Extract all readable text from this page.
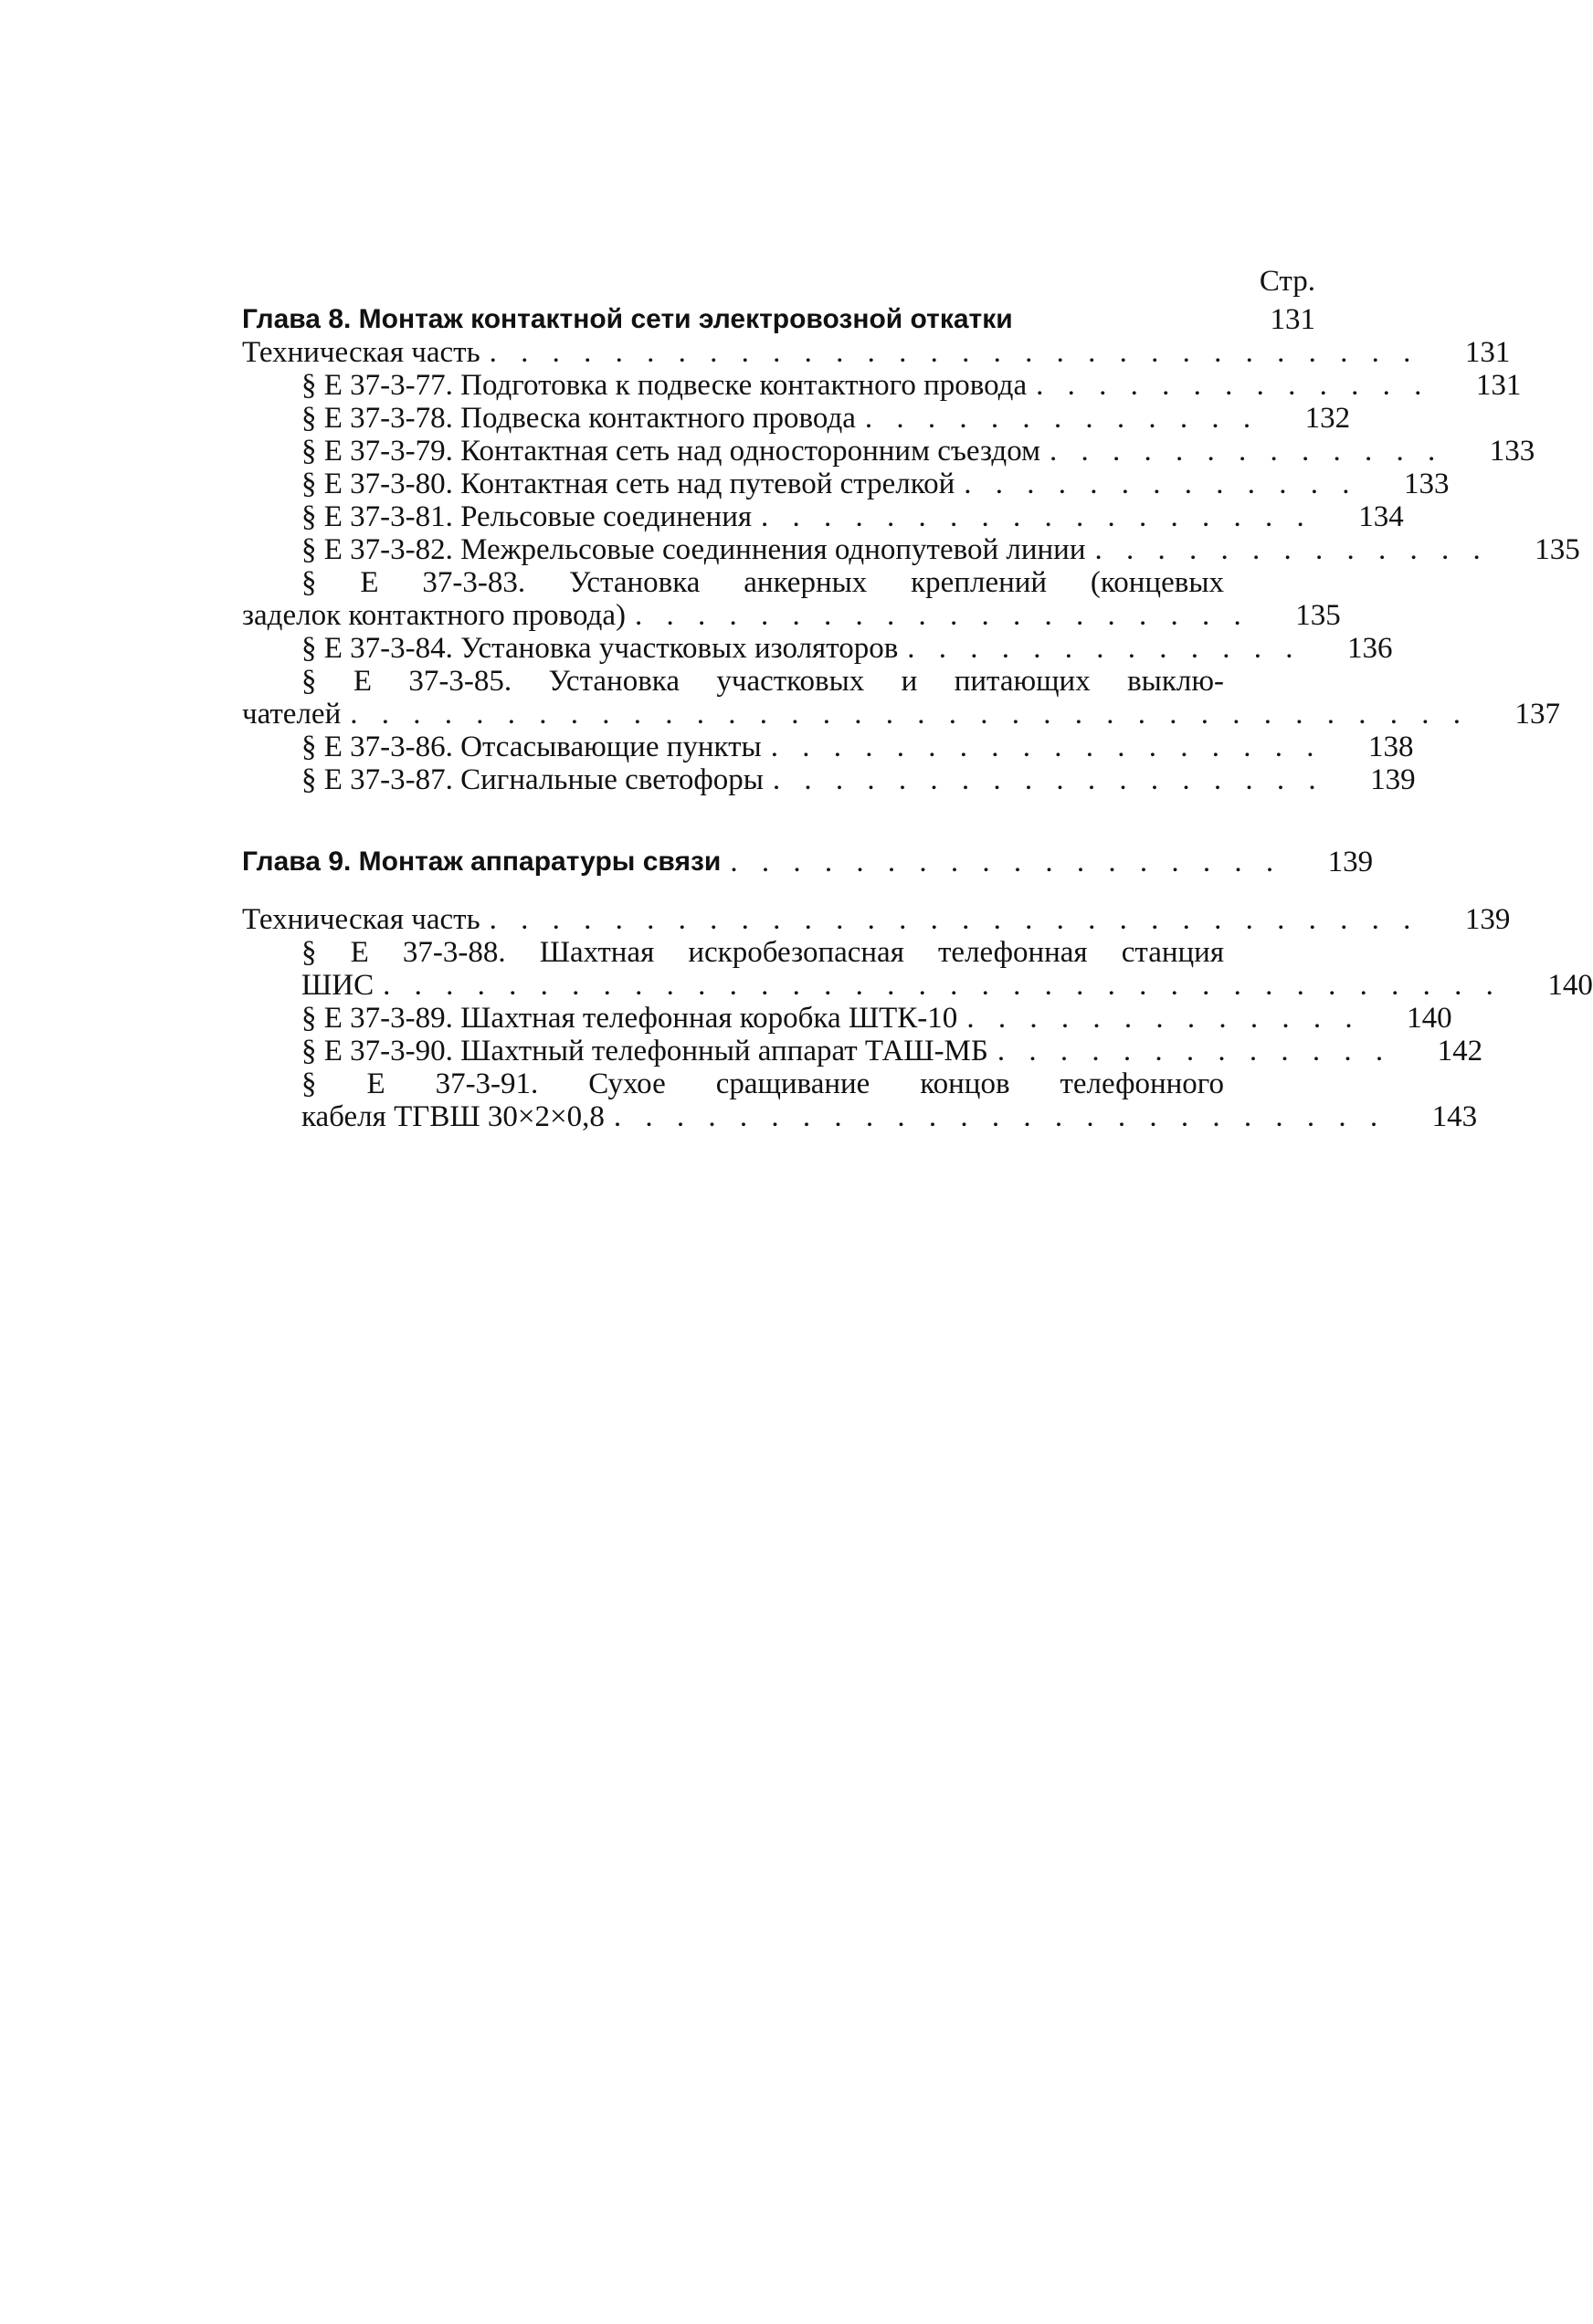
Стр.
Глава 8. Монтаж контактной сети электровозной откатки	131
Техническая часть . . . . . . . . . . . . . . . . . . . . . . . . . . . . . .	131
§ Е 37-3-77. Подготовка к подвеске контактного провода . . . . . . . . . . . . .	131
§ Е 37-3-78. Подвеска контактного провода . . . . . . . . . . . . .	132
§ Е 37-3-79. Контактная сеть над односторонним съездом . . . . . . . . . . . . .	133
§ Е 37-3-80. Контактная сеть над путевой стрелкой . . . . . . . . . . . . .	133
§ Е 37-3-81. Рельсовые соединения . . . . . . . . . . . . . . . . . .	134
§ Е 37-3-82. Межрельсовые соединнения однопутевой линии . . . . . . . . . . . . .	135
§ Е 37-3-83. Установка анкерных креплений (концевых
заделок контактного провода) . . . . . . . . . . . . . . . . . . . .	135
§ Е 37-3-84. Установка участковых изоляторов . . . . . . . . . . . . .	136
§ Е 37-3-85. Установка участковых и питающих выклю-
чателей . . . . . . . . . . . . . . . . . . . . . . . . . . . . . . . . . . . .	137
§ Е 37-3-86. Отсасывающие пункты . . . . . . . . . . . . . . . . . .	138
§ Е 37-3-87. Сигнальные светофоры . . . . . . . . . . . . . . . . . .	139
Глава 9. Монтаж аппаратуры связи . . . . . . . . . . . . . . . . . .	139
Техническая часть . . . . . . . . . . . . . . . . . . . . . . . . . . . . . .	139
§ Е 37-3-88. Шахтная искробезопасная телефонная станция
ШИС . . . . . . . . . . . . . . . . . . . . . . . . . . . . . . . . . . . .	140
§ Е 37-3-89. Шахтная телефонная коробка ШТК-10 . . . . . . . . . . . . .	140
§ Е 37-3-90. Шахтный телефонный аппарат ТАШ-МБ . . . . . . . . . . . . .	142
§ Е 37-3-91. Сухое сращивание концов телефонного
кабеля ТГВШ 30×2×0,8 . . . . . . . . . . . . . . . . . . . . . . . . .	143
